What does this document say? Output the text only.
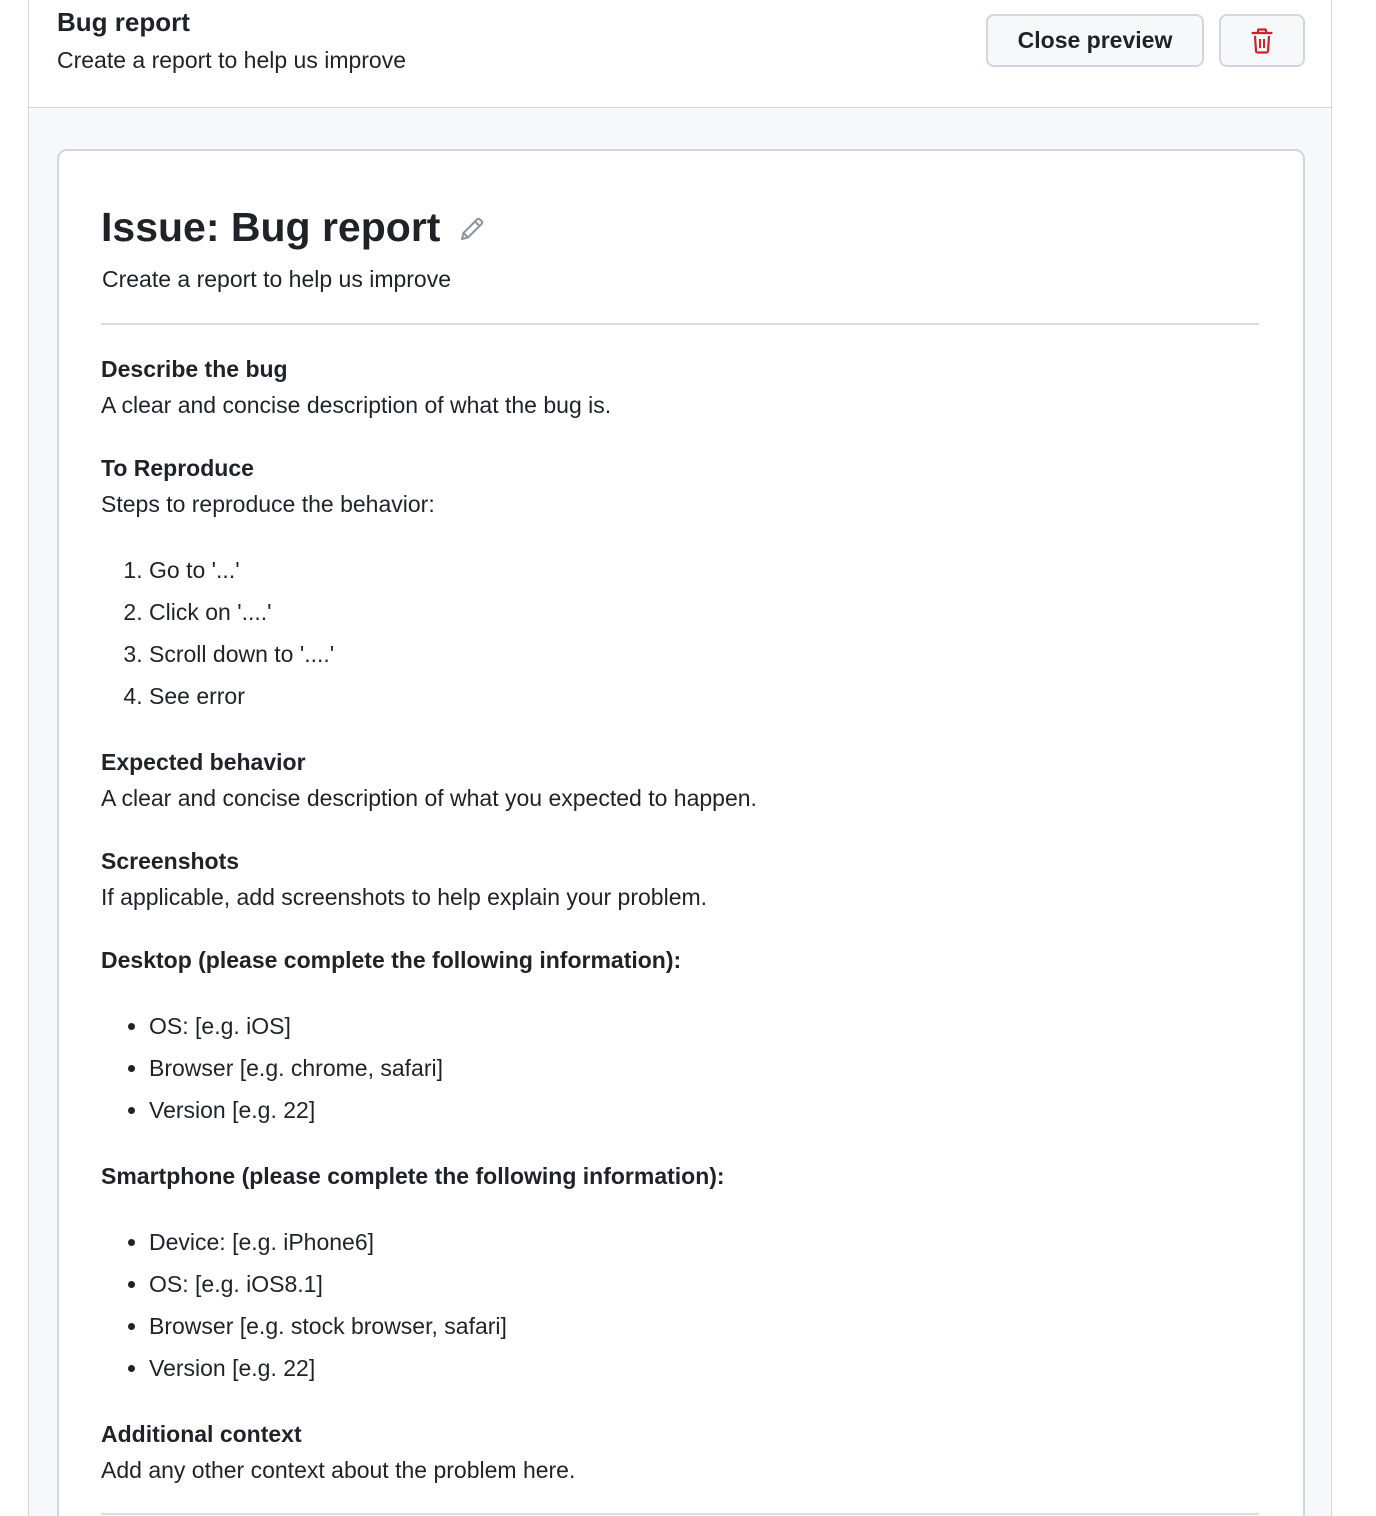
Bug report
Create a report to help us improve
Close preview
Issue: Bug report
Create a report to help us improve

Describe the bug

A clear and concise description of what the bug is.

To Reproduce

Steps to reproduce the behavior:

1. Go to '...'
2. Click on '....'
3. Scroll down to '....'
4. See error

Expected behavior

A clear and concise description of what you expected to happen.

Screenshots

If applicable, add screenshots to help explain your problem.

Desktop (please complete the following information):

• OS: [e.g. iOS]
• Browser [e.g. chrome, safari]
• Version [e.g. 22]

Smartphone (please complete the following information):

• Device: [e.g. iPhone6]
• OS: [e.g. iOS8.1]
• Browser [e.g. stock browser, safari]
• Version [e.g. 22]

Additional context

Add any other context about the problem here.
